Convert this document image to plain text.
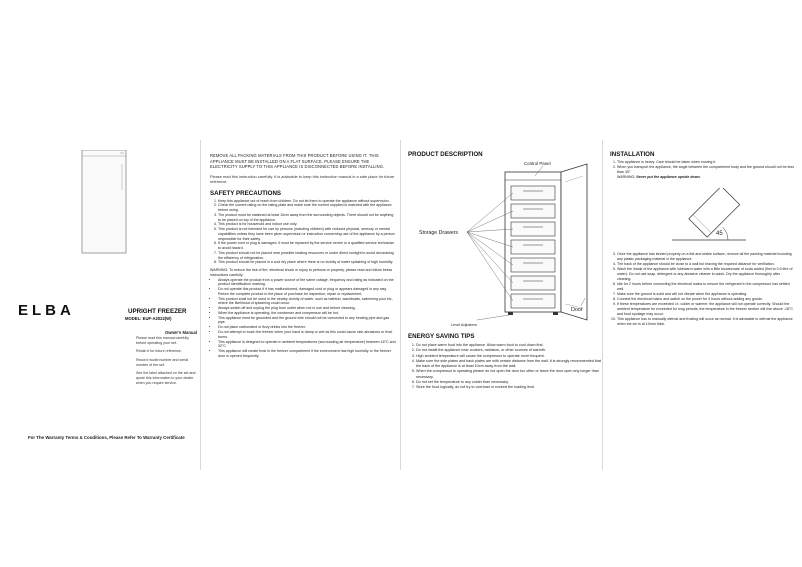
ELBA	UPRIGHT FREEZER
MODEL: EUF-A2022(W)
Owner's Manual

Please read this manual carefully before operating your set.

Retain it for future reference.

Record model number and serial number of the set.

See the label attached on the set and quote this information to your dealer when you require service.

For The Warranty Terms & Conditions, Please Refer To Warranty Certificate
REMOVE ALL PACKING MATERIALS FROM THIS PRODUCT BEFORE USING IT. THIS APPLIANCE MUST BE INSTALLED ON A FLAT SURFACE. PLEASE ENSURE THE ELECTRICITY SUPPLY TO THIS APPLIANCE IS DISCONNECTED BEFORE INSTALLING.
Please read this instruction carefully. It is advisable to keep this instruction manual in a safe place for future reference.
SAFETY PRECAUTIONS
1. Keep this appliance out of reach from children. Do not let them to operate the appliance without supervision.
2. Check the current rating on the rating plate and make sure the current supplied is matched with the appliance before using.
3. The product must be stationed at least 10cm away from the surrounding objects. There should not be anything to be placed on top of the appliance.
4. This product is for household and indoor use only.
5. This product is not intended for use by persons (including children) with reduced physical, sensory or mental capabilities unless they have been given supervision or instruction concerning use of the appliance by a person responsible for their safety.
6. If the power cord or plug is damaged, it must be replaced by the service centre or a qualified service technician to avoid hazard.
7. This product should not be placed near possible heating resources or under direct sunlight to avoid decreasing the efficiency of refrigeration.
8. This product should be placed in a cool dry place where there is no vicinity of water splashing of high humidity.
WARNING: To reduce the risk of fire, electrical shock or injury to persons or property, please read and follow below instructions carefully.
• Always operate the product from a power source of the same voltage, frequency and rating as indicated on the product identification marking.
• Do not operate this product if it has malfunctioned, damaged cord or plug or appears damaged in any way. Return the complete product to the place of purchase for inspection, repair or replacement.
• This product shall not be used in the nearby vicinity of water, such as bathtub, washbowls, swimming pool etc, where the likelihood of splashing could occur.
• Always switch off and unplug the plug from outlet when not in use and before cleaning.
• When the appliance is operating, the condenser and compressor will be hot.
• This appliance must be grounded and the ground wire should not be connected to any heating pipe and gas pipe.
• Do not place carbonated or fizzy drinks into the freezer.
• Do not attempt to touch the freezer when your hand is damp or wet as this could cause skin abrasions or frost burns.
• This appliance is designed to operate in ambient temperatures (surrounding air temperature) between 16°C and 32°C.
• This appliance will create frost in the freezer compartment if the environment has high humidity or the freezer door is opened frequently.
PRODUCT DESCRIPTION
Control Panel
Storage Drawers
Door
Level Adjusters
ENERGY SAVING TIPS
1. Do not place warm food into the appliance. Allow warm food to cool down first.
2. Do not install the appliance near cookers, radiators, or other sources of warmth.
3. High ambient temperature will cause the compressor to operate more frequent.
4. Make sure the side plates and back plates are with certain distance from the wall. It is strongly recommended that the back of the appliance is at least 10cm away from the wall.
5. When the compressor is operating please do not open the door too often or leave the door open any longer than necessary.
6. Do not set the temperature to any colder than necessary.
7. Store the food logically, do not try to overload or exceed the loading limit.
INSTALLATION
1. This appliance is heavy. Care should be taken when moving it.
2. When you transport the appliance, the angle between the compartment body and the ground should not be less than 45°.
WARNING: Never put the appliance upside down.
45
3. Once the appliance has landed properly on a flat and stable surface, remove all the packing material including any plastic packaging material in the appliance.
4. The back of the appliance should be close to a wall but leaving the required distance for ventilation.
5. Wash the inside of the appliance with lukewarm water with a little bicarbonate of soda added (5ml to 0.5 litre of water). Do not use soap, detergent or any abrasive cleaner to wash. Dry the appliance thoroughly after cleaning.
6. Idle for 2 hours before connecting the electrical mains to ensure the refrigerant in the compressor has settled well.
7. Make sure the ground is solid and will not vibrate when the appliance is operating.
8. Connect the electrical mains and switch on the power for 4 hours without adding any goods.
9. If these temperatures are exceeded i.e. colder or warmer, the appliance will not operate correctly. Should the ambient temperature be exceeded for long periods, the temperature in the freezer section will rise above -18°C and food spoilage may occur.
10. This appliance has to manually defrost and frosting will occur as normal. It is advisable to defrost the appliance when the ice is at 10mm thick.
